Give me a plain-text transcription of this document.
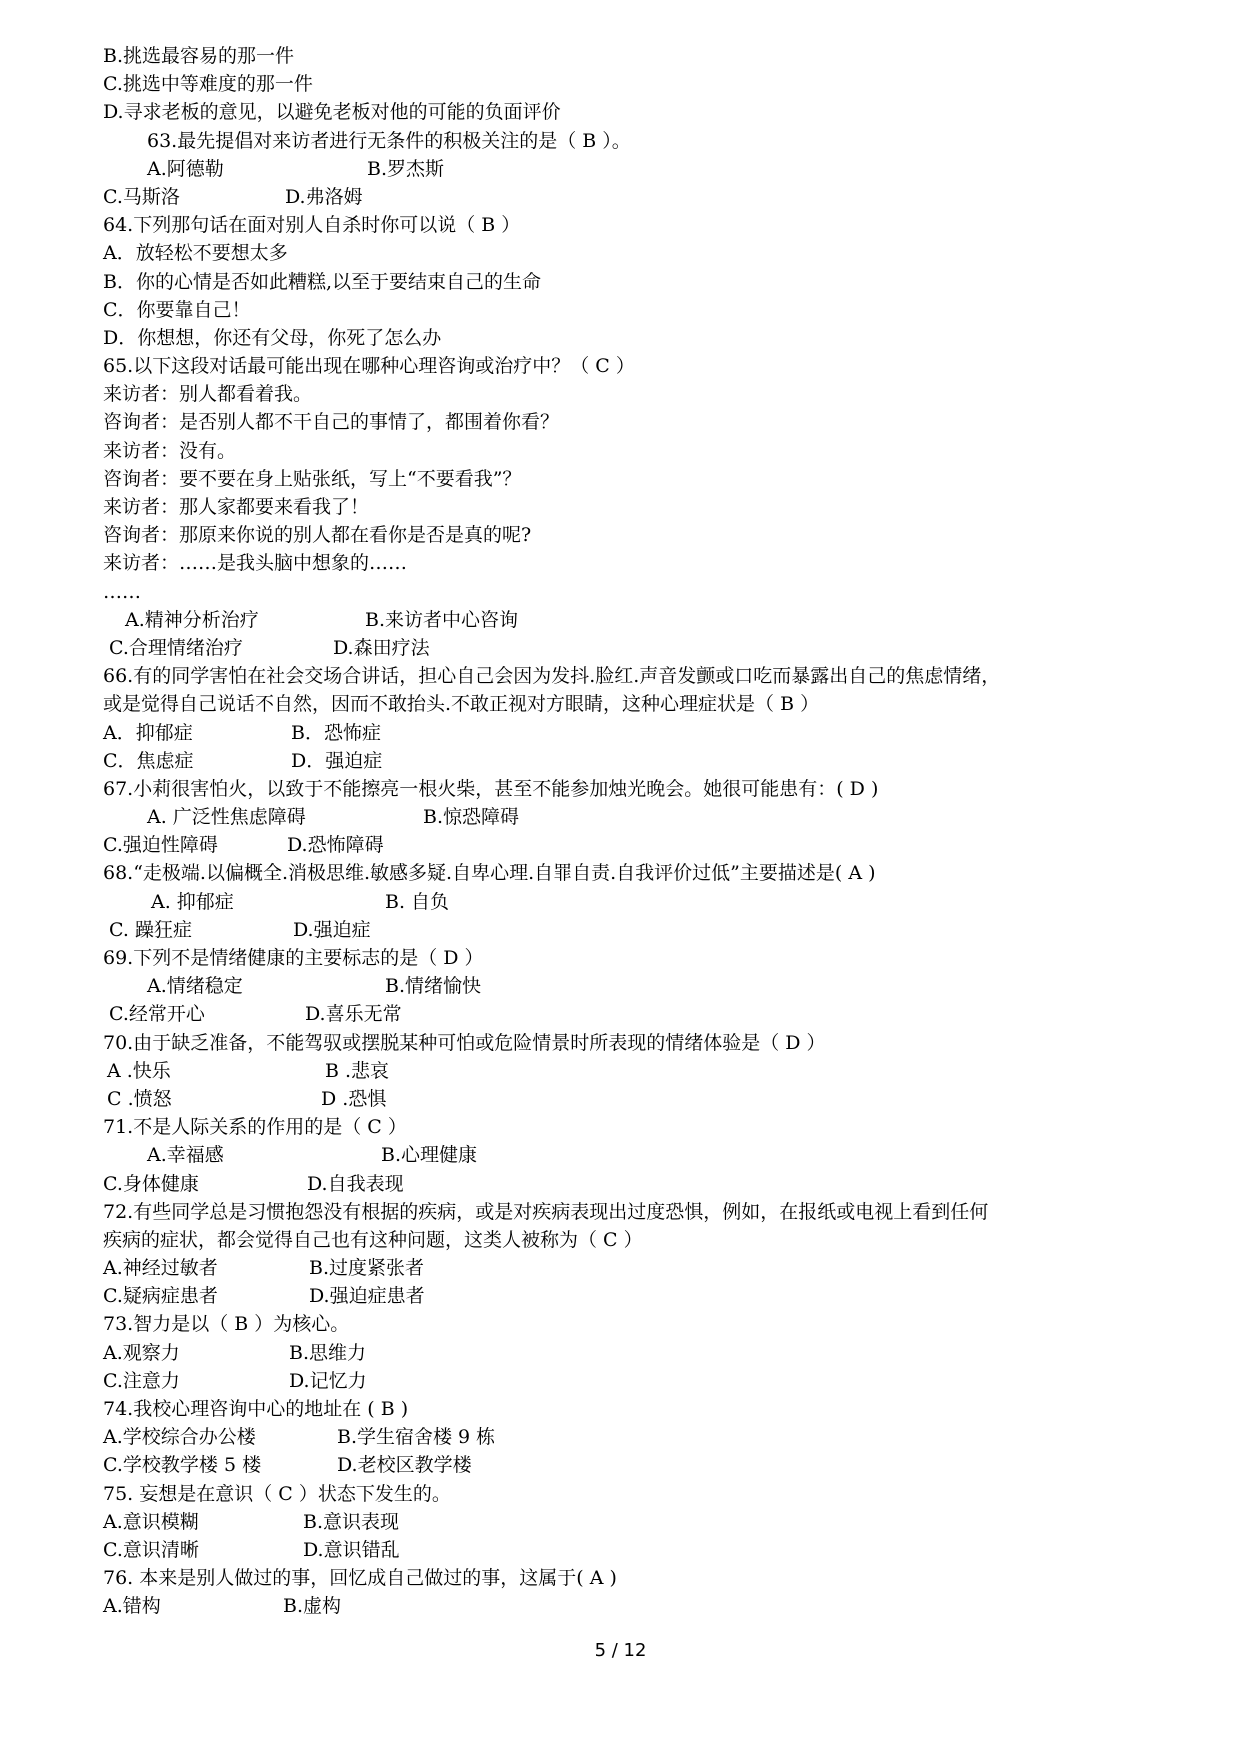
B.挑选最容易的那一件
C.挑选中等难度的那一件
D.寻求老板的意见，以避免老板对他的可能的负面评价
63.最先提倡对来访者进行无条件的积极关注的是（ B ）。
A.阿德勒	B.罗杰斯
C.马斯洛	D.弗洛姆
64.下列那句话在面对别人自杀时你可以说（ B ）
A．放轻松不要想太多
B．你的心情是否如此糟糕,以至于要结束自己的生命
C．你要靠自己！
D．你想想，你还有父母，你死了怎么办
65.以下这段对话最可能出现在哪种心理咨询或治疗中？（ C ）
来访者：别人都看着我。
咨询者：是否别人都不干自己的事情了，都围着你看？
来访者：没有。
咨询者：要不要在身上贴张纸，写上“不要看我”？
来访者：那人家都要来看我了！
咨询者：那原来你说的别人都在看你是否是真的呢?
来访者：……是我头脑中想象的……
……
A.精神分析治疗	B.来访者中心咨询
C.合理情绪治疗	D.森田疗法
66.有的同学害怕在社会交场合讲话，担心自己会因为发抖.脸红.声音发颤或口吃而暴露出自己的焦虑情绪，
或是觉得自己说话不自然，因而不敢抬头.不敢正视对方眼睛，这种心理症状是（ B ）
A．抑郁症	B．恐怖症
C．焦虑症	D．强迫症
67.小莉很害怕火，以致于不能擦亮一根火柴，甚至不能参加烛光晚会。她很可能患有：( D )
A. 广泛性焦虑障碍	B.惊恐障碍
C.强迫性障碍	D.恐怖障碍
68.“走极端.以偏概全.消极思维.敏感多疑.自卑心理.自罪自责.自我评价过低”主要描述是( A )
A. 抑郁症	B. 自负
C. 躁狂症	D.强迫症
69.下列不是情绪健康的主要标志的是（ D ）
A.情绪稳定	B.情绪愉快
C.经常开心	D.喜乐无常
70.由于缺乏准备，不能驾驭或摆脱某种可怕或危险情景时所表现的情绪体验是（ D ）
A .快乐	B .悲哀
C .愤怒	D .恐惧
71.不是人际关系的作用的是（ C ）
A.幸福感	B.心理健康
C.身体健康	D.自我表现
72.有些同学总是习惯抱怨没有根据的疾病，或是对疾病表现出过度恐惧，例如，在报纸或电视上看到任何
疾病的症状，都会觉得自己也有这种问题，这类人被称为（ C ）
A.神经过敏者	B.过度紧张者
C.疑病症患者	D.强迫症患者
73.智力是以（ B ）为核心。
A.观察力	B.思维力
C.注意力	D.记忆力
74.我校心理咨询中心的地址在 ( B )
A.学校综合办公楼	B.学生宿舍楼 9 栋
C.学校教学楼 5 楼	D.老校区教学楼
75. 妄想是在意识（ C ）状态下发生的。
A.意识模糊	B.意识表现
C.意识清晰	D.意识错乱
76. 本来是别人做过的事，回忆成自己做过的事，这属于( A )
A.错构	B.虚构
5 / 12
